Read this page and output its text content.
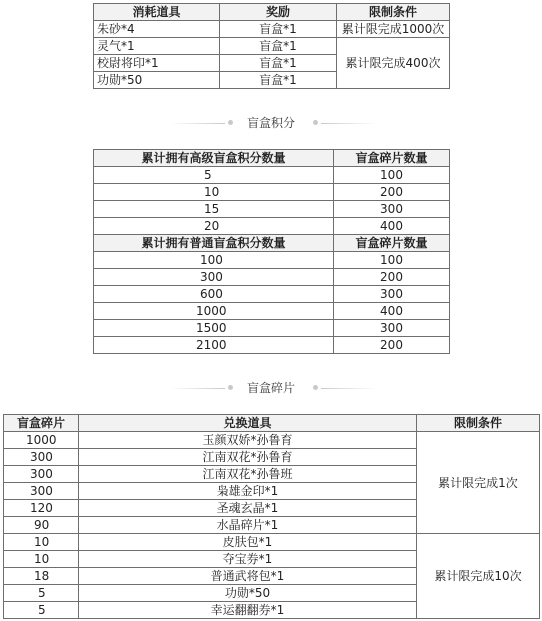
消耗道具	奖励	限制条件
朱砂*4	盲盒*1	累计限完成1000次
灵气*1	盲盒*1	累计限完成400次
校尉将印*1	盲盒*1	
功勋*50	盲盒*1	
盲盒积分
累计拥有高级盲盒积分数量	盲盒碎片数量
5	100
10	200
15	300
20	400
累计拥有普通盲盒积分数量	盲盒碎片数量
100	100
300	200
600	300
1000	400
1500	300
2100	200
盲盒碎片
盲盒碎片	兑换道具	限制条件
1000	玉颜双娇*孙鲁育	累计限完成1次
300	江南双花*孙鲁育	
300	江南双花*孙鲁班	
300	枭雄金印*1	
120	圣魂玄晶*1	
90	水晶碎片*1	
10	皮肤包*1	累计限完成10次
10	夺宝券*1	
18	普通武将包*1	
5	功勋*50	
5	幸运翻翻券*1	
